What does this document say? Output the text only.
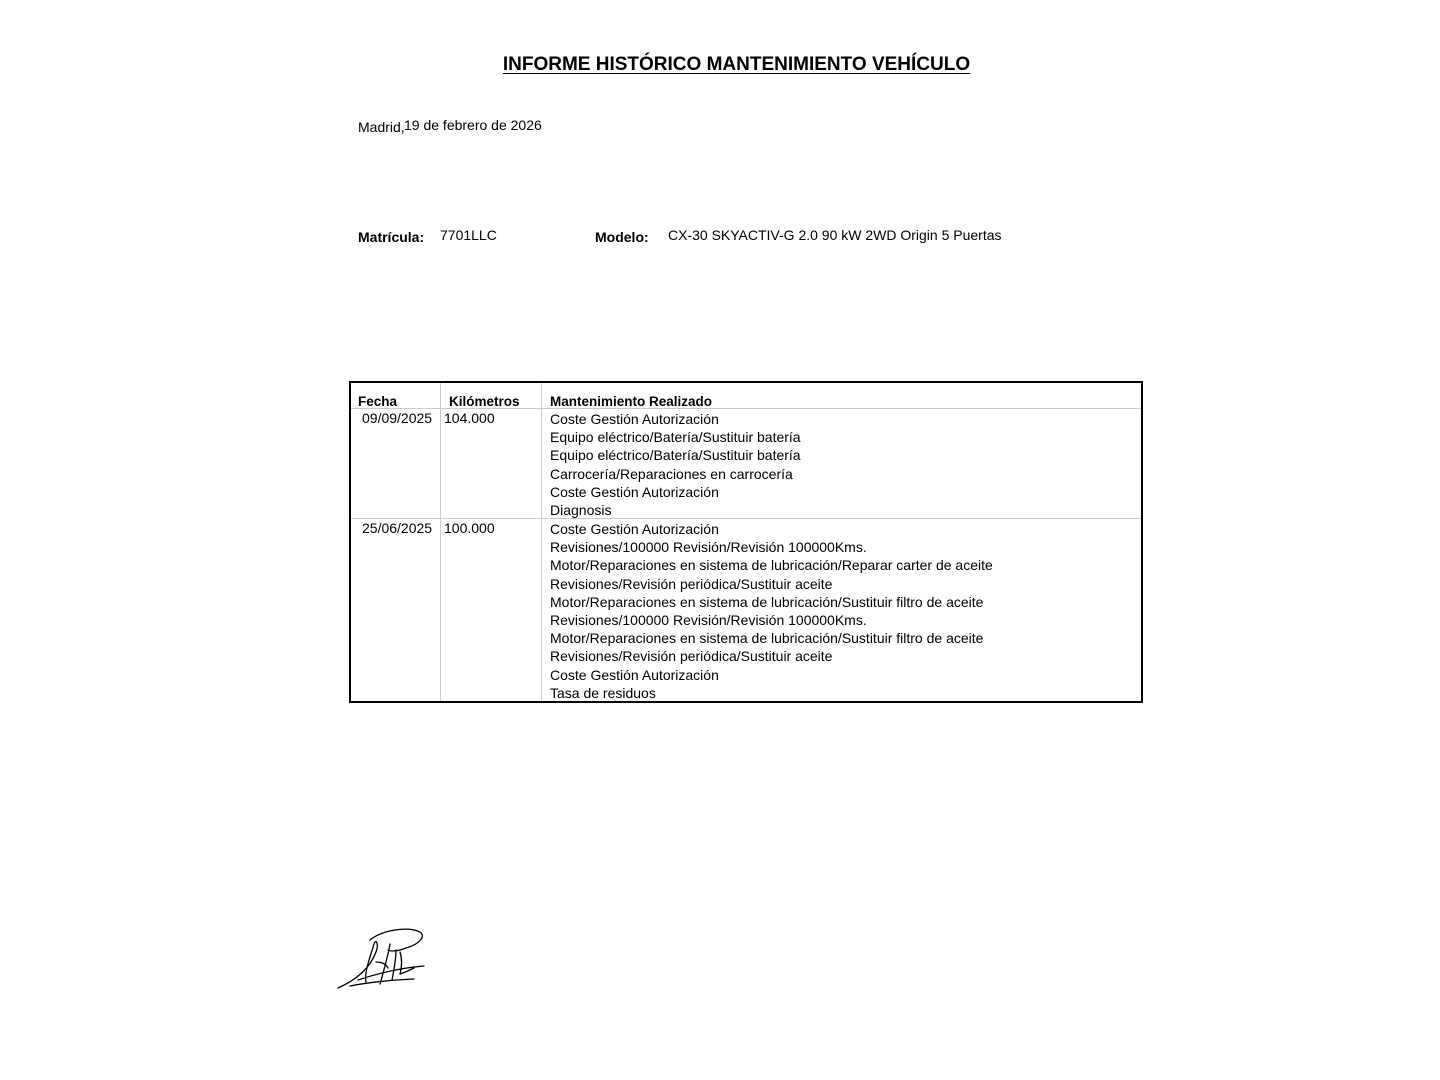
INFORME HISTÓRICO MANTENIMIENTO VEHÍCULO
Madrid, 19 de febrero de 2026
Matrícula: 7701LLC	Modelo: CX-30 SKYACTIV-G 2.0 90 kW 2WD Origin 5 Puertas
Fecha	Kilómetros Mantenimiento Realizado
09/09/2025 104.000	Coste Gestión Autorización
Equipo eléctrico/Batería/Sustituir batería
Equipo eléctrico/Batería/Sustituir batería
Carrocería/Reparaciones en carrocería
Coste Gestión Autorización
Diagnosis
25/06/2025 100.000	Coste Gestión Autorización
Revisiones/100000 Revisión/Revisión 100000Kms.
Motor/Reparaciones en sistema de lubricación/Reparar carter de aceite
Revisiones/Revisión periódica/Sustituir aceite
Motor/Reparaciones en sistema de lubricación/Sustituir filtro de aceite
Revisiones/100000 Revisión/Revisión 100000Kms.
Motor/Reparaciones en sistema de lubricación/Sustituir filtro de aceite
Revisiones/Revisión periódica/Sustituir aceite
Coste Gestión Autorización
Tasa de residuos
